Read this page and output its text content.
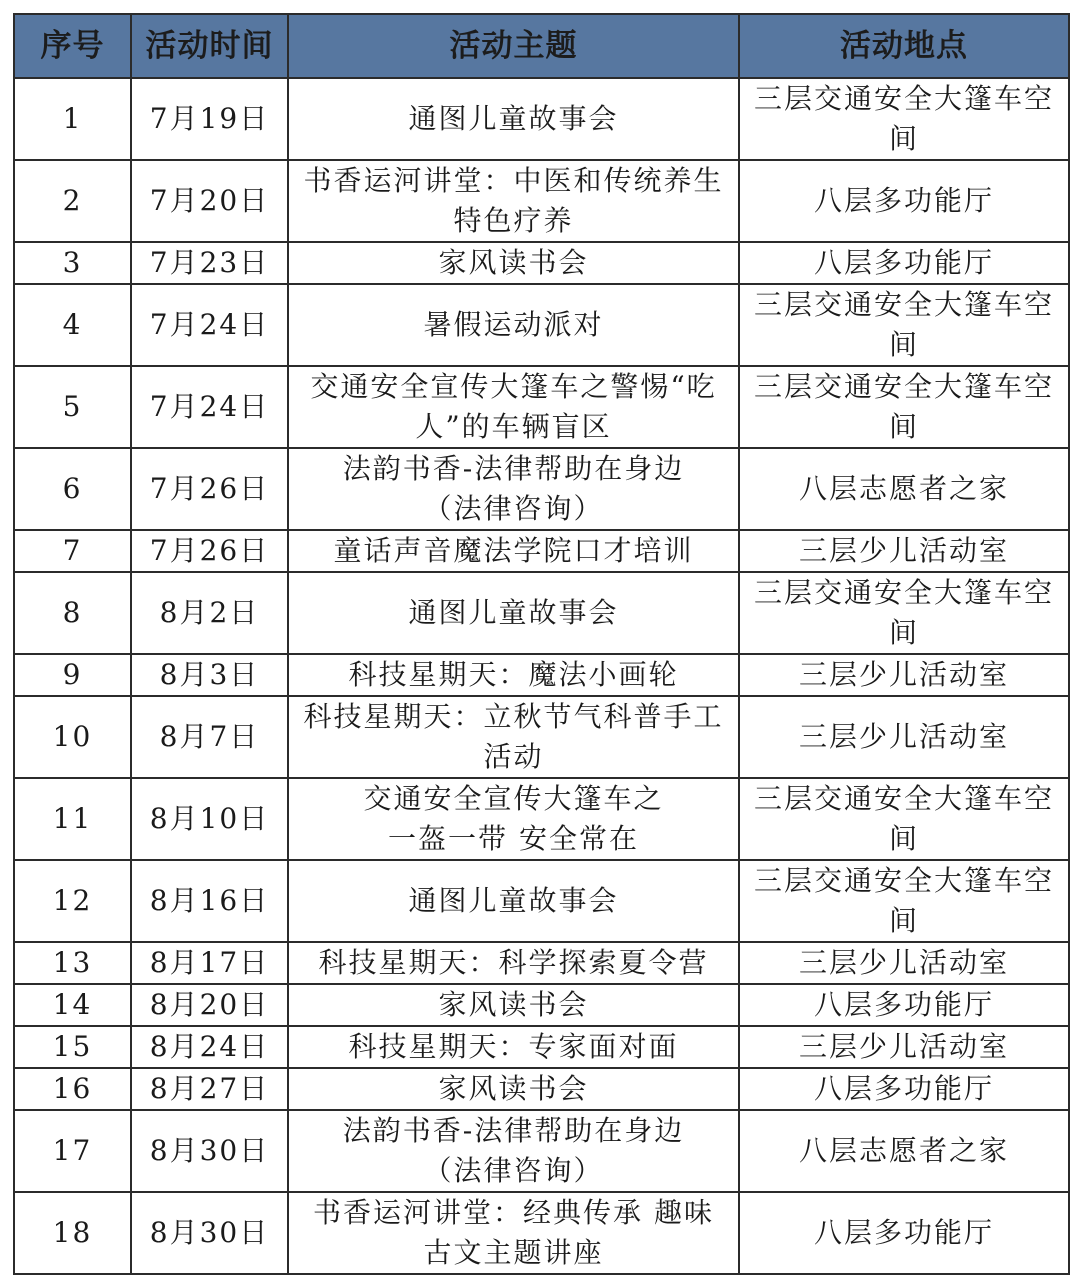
序号	活动时间	活动主题	活动地点
1	7月19日	通图儿童故事会	三层交通安全大篷车空
间

2	7月20日	书香运河讲堂：中医和传统养生
特色疗养	八层多功能厅

3	7月23日	家风读书会	八层多功能厅

4	7月24日	暑假运动派对	三层交通安全大篷车空
间

5	7月24日	交通安全宣传大篷车之警惕“吃
人”的车辆盲区	三层交通安全大篷车空
间

6	7月26日	法韵书香-法律帮助在身边
（法律咨询）	八层志愿者之家

7	7月26日	童话声音魔法学院口才培训	三层少儿活动室

8	8月2日	通图儿童故事会	三层交通安全大篷车空
间

9	8月3日	科技星期天：魔法小画轮	三层少儿活动室

10	8月7日	科技星期天：立秋节气科普手工
活动	三层少儿活动室

11	8月10日	交通安全宣传大篷车之
一盔一带 安全常在	三层交通安全大篷车空
间

12	8月16日	通图儿童故事会	三层交通安全大篷车空
间

13	8月17日	科技星期天：科学探索夏令营	三层少儿活动室

14	8月20日	家风读书会	八层多功能厅

15	8月24日	科技星期天：专家面对面	三层少儿活动室

16	8月27日	家风读书会	八层多功能厅

17	8月30日	法韵书香-法律帮助在身边
（法律咨询）	八层志愿者之家

18	8月30日	书香运河讲堂：经典传承 趣味
古文主题讲座	八层多功能厅
